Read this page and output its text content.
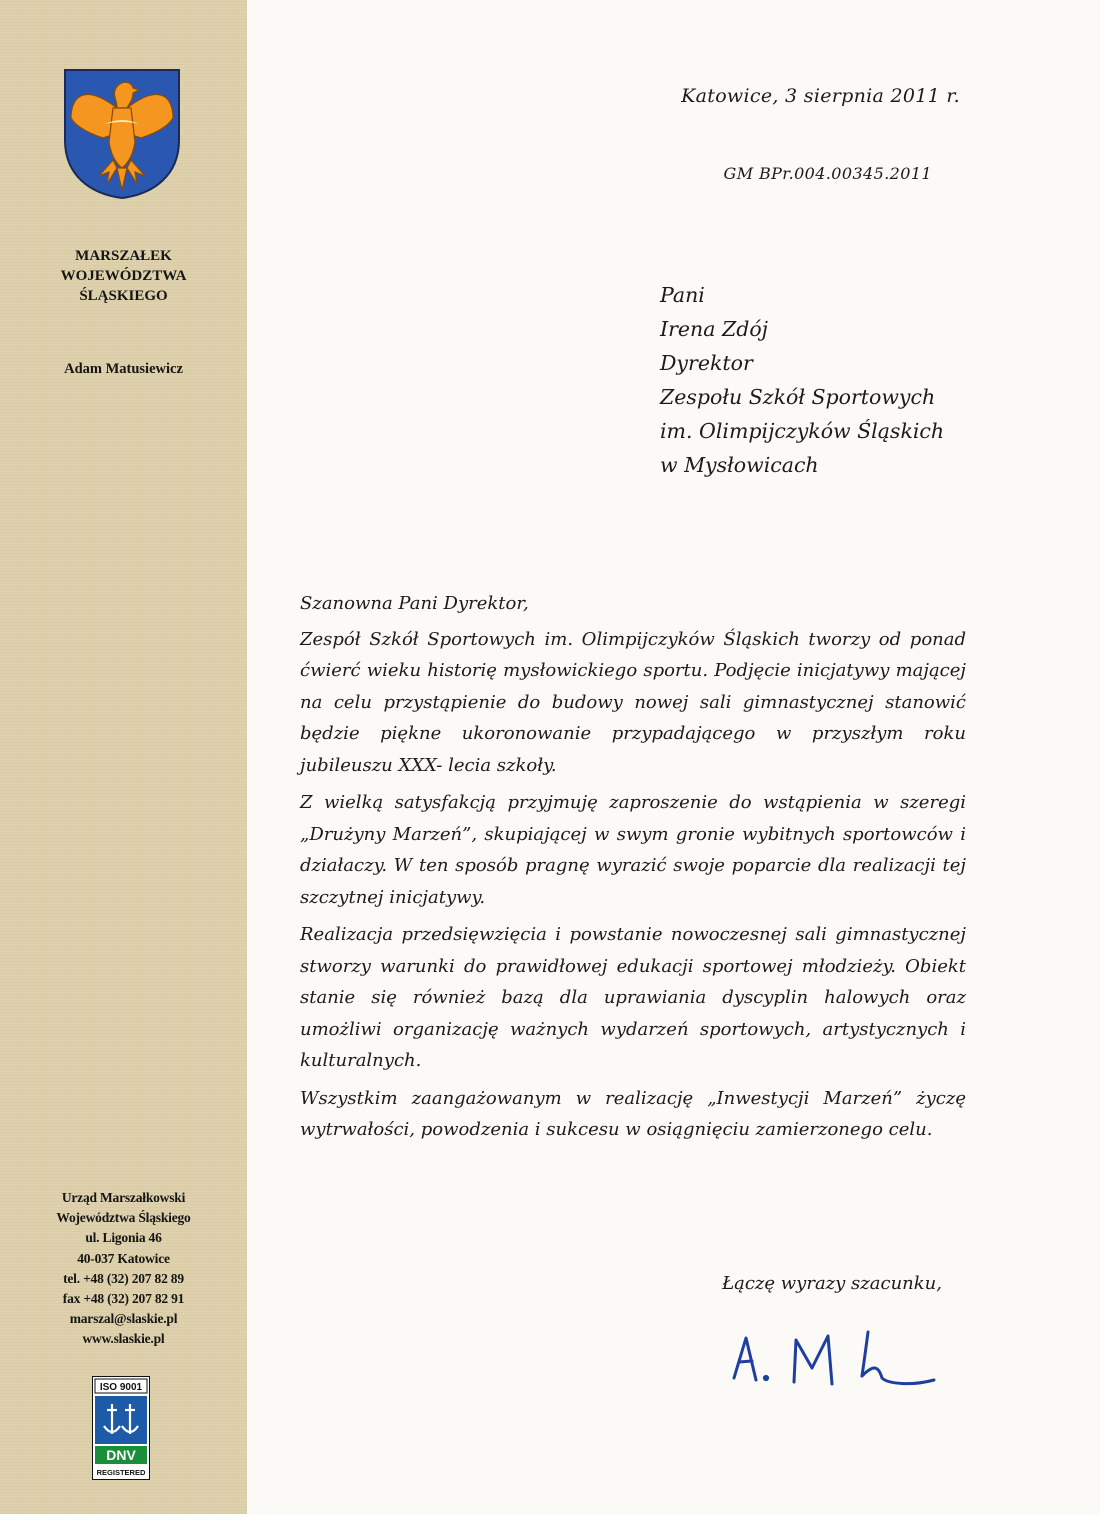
MARSZAŁEK
WOJEWÓDZTWA
ŚLĄSKIEGO
Adam Matusiewicz
Urząd Marszałkowski
Województwa Śląskiego
ul. Ligonia 46
40-037 Katowice
tel. +48 (32) 207 82 89
fax +48 (32) 207 82 91
marszal@slaskie.pl
www.slaskie.pl
ISO 9001
DNV
REGISTERED
Katowice, 3 sierpnia 2011 r.
GM BPr.004.00345.2011
Pani
Irena Zdój
Dyrektor
Zespołu Szkół Sportowych
im. Olimpijczyków Śląskich
w Mysłowicach

Szanowna Pani Dyrektor,

Zespół Szkół Sportowych im. Olimpijczyków Śląskich tworzy od ponad ćwierć wieku historię mysłowickiego sportu. Podjęcie inicjatywy mającej na celu przystąpienie do budowy nowej sali gimnastycznej stanowić będzie piękne ukoronowanie przypadającego w przyszłym roku jubileuszu XXX- lecia szkoły.

Z wielką satysfakcją przyjmuję zaproszenie do wstąpienia w szeregi „Drużyny Marzeń”, skupiającej w swym gronie wybitnych sportowców i działaczy. W ten sposób pragnę wyrazić swoje poparcie dla realizacji tej szczytnej inicjatywy.

Realizacja przedsięwzięcia i powstanie nowoczesnej sali gimnastycznej stworzy warunki do prawidłowej edukacji sportowej młodzieży. Obiekt stanie się również bazą dla uprawiania dyscyplin halowych oraz umożliwi organizację ważnych wydarzeń sportowych, artystycznych i kulturalnych.

Wszystkim zaangażowanym w realizację „Inwestycji Marzeń” życzę wytrwałości, powodzenia i sukcesu w osiągnięciu zamierzonego celu.

Łączę wyrazy szacunku,
